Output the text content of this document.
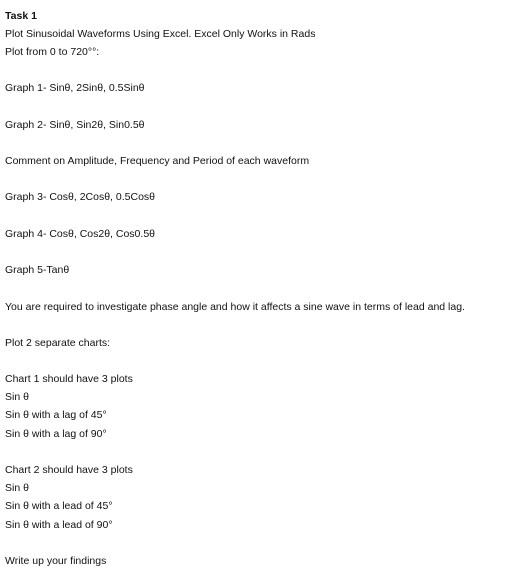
Task 1
Plot Sinusoidal Waveforms Using Excel. Excel Only Works in Rads
Plot from 0 to 720°°:
Graph 1- Sinθ, 2Sinθ, 0.5Sinθ
Graph 2- Sinθ, Sin2θ, Sin0.5θ
Comment on Amplitude, Frequency and Period of each waveform
Graph 3- Cosθ, 2Cosθ, 0.5Cosθ
Graph 4- Cosθ, Cos2θ, Cos0.5θ
Graph 5-Tanθ
You are required to investigate phase angle and how it affects a sine wave in terms of lead and lag.
Plot 2 separate charts:
Chart 1 should have 3 plots
Sin θ
Sin θ with a lag of 45°
Sin θ with a lag of 90°
Chart 2 should have 3 plots
Sin θ
Sin θ with a lead of 45°
Sin θ with a lead of 90°
Write up your findings
